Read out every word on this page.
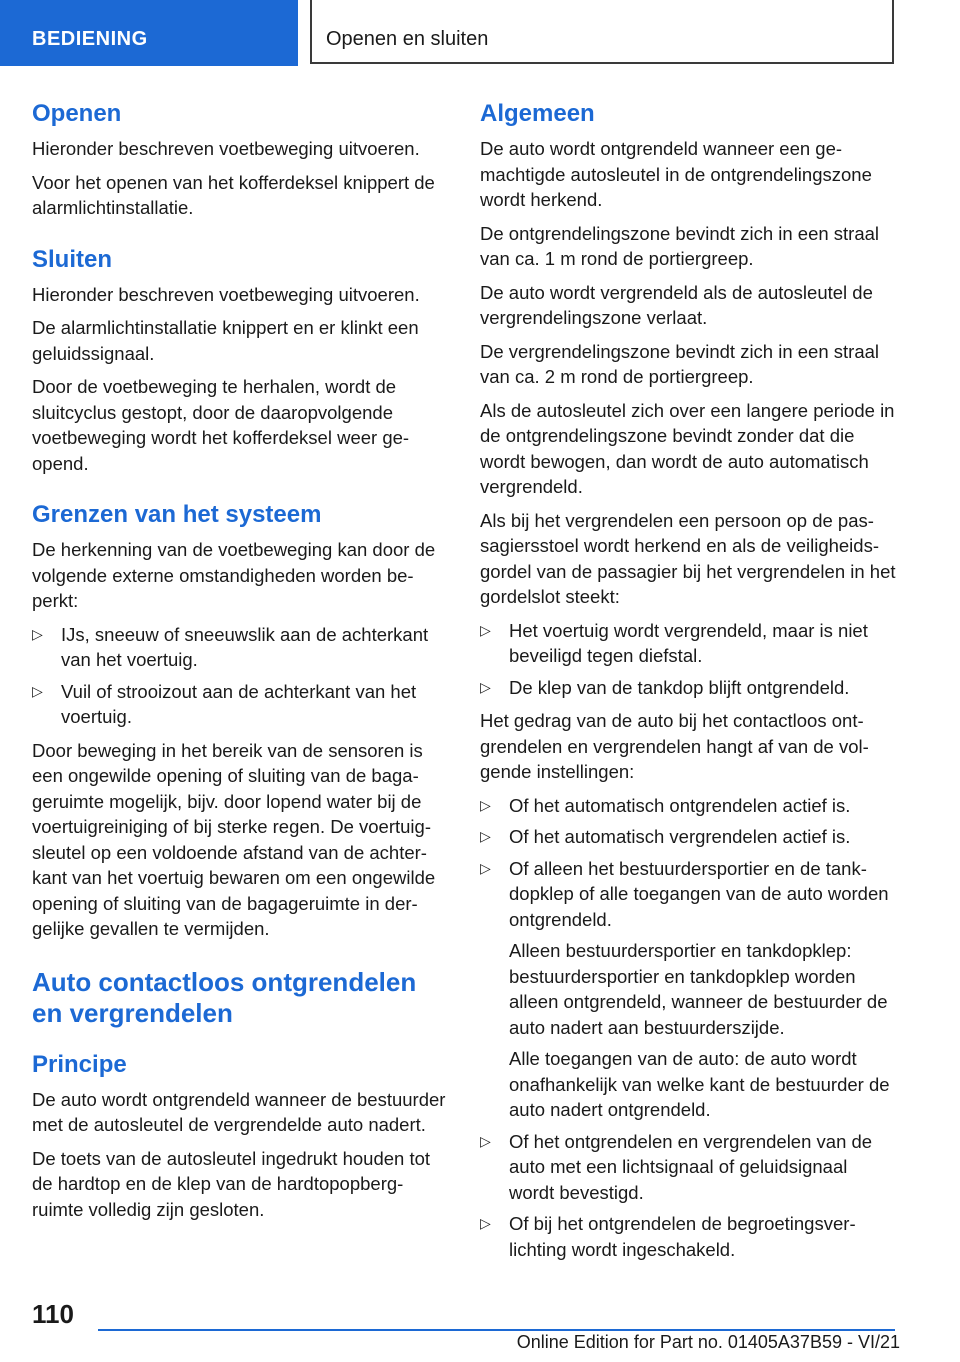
BEDIENING	Openen en sluiten
Openen

Hieronder beschreven voetbeweging uitvoeren.

Voor het openen van het kofferdeksel knippert de alarmlichtinstallatie.

Sluiten

Hieronder beschreven voetbeweging uitvoeren.

De alarmlichtinstallatie knippert en er klinkt een geluidssignaal.

Door de voetbeweging te herhalen, wordt de sluitcyclus gestopt, door de daaropvolgende voetbeweging wordt het kofferdeksel weer geopend.

Grenzen van het systeem

De herkenning van de voetbeweging kan door de volgende externe omstandigheden worden beperkt:

▷ IJs, sneeuw of sneeuwslik aan de achterkant van het voertuig.
▷ Vuil of strooizout aan de achterkant van het voertuig.

Door beweging in het bereik van de sensoren is een ongewilde opening of sluiting van de bagageruimte mogelijk, bijv. door lopend water bij de voertuigreiniging of bij sterke regen. De voertuigsleutel op een voldoende afstand van de achterkant van het voertuig bewaren om een ongewilde opening of sluiting van de bagageruimte in dergelijke gevallen te vermijden.

Auto contactloos ontgrendelen en vergrendelen
Principe

De auto wordt ontgrendeld wanneer de bestuurder met de autosleutel de vergrendelde auto nadert.

De toets van de autosleutel ingedrukt houden tot de hardtop en de klep van de hardtopopbergruimte volledig zijn gesloten.

Algemeen

De auto wordt ontgrendeld wanneer een gemachtigde autosleutel in de ontgrendelingszone wordt herkend.

De ontgrendelingszone bevindt zich in een straal van ca. 1 m rond de portiergreep.

De auto wordt vergrendeld als de autosleutel de vergrendelingszone verlaat.

De vergrendelingszone bevindt zich in een straal van ca. 2 m rond de portiergreep.

Als de autosleutel zich over een langere periode in de ontgrendelingszone bevindt zonder dat die wordt bewogen, dan wordt de auto automatisch vergrendeld.

Als bij het vergrendelen een persoon op de passagiersstoel wordt herkend en als de veiligheidsgordel van de passagier bij het vergrendelen in het gordelslot steekt:

▷ Het voertuig wordt vergrendeld, maar is niet beveiligd tegen diefstal.
▷ De klep van de tankdop blijft ontgrendeld.

Het gedrag van de auto bij het contactloos ontgrendelen en vergrendelen hangt af van de volgende instellingen:

▷ Of het automatisch ontgrendelen actief is.
▷ Of het automatisch vergrendelen actief is.
▷ Of alleen het bestuurdersportier en de tankdopklep of alle toegangen van de auto worden ontgrendeld.

Alleen bestuurdersportier en tankdopklep: bestuurdersportier en tankdopklep worden alleen ontgrendeld, wanneer de bestuurder de auto nadert aan bestuurderszijde.

Alle toegangen van de auto: de auto wordt onafhankelijk van welke kant de bestuurder de auto nadert ontgrendeld.

▷ Of het ontgrendelen en vergrendelen van de auto met een lichtsignaal of geluidsignaal wordt bevestigd.
▷ Of bij het ontgrendelen de begroetingsverlichting wordt ingeschakeld.
110
Online Edition for Part no. 01405A37B59 - VI/21
